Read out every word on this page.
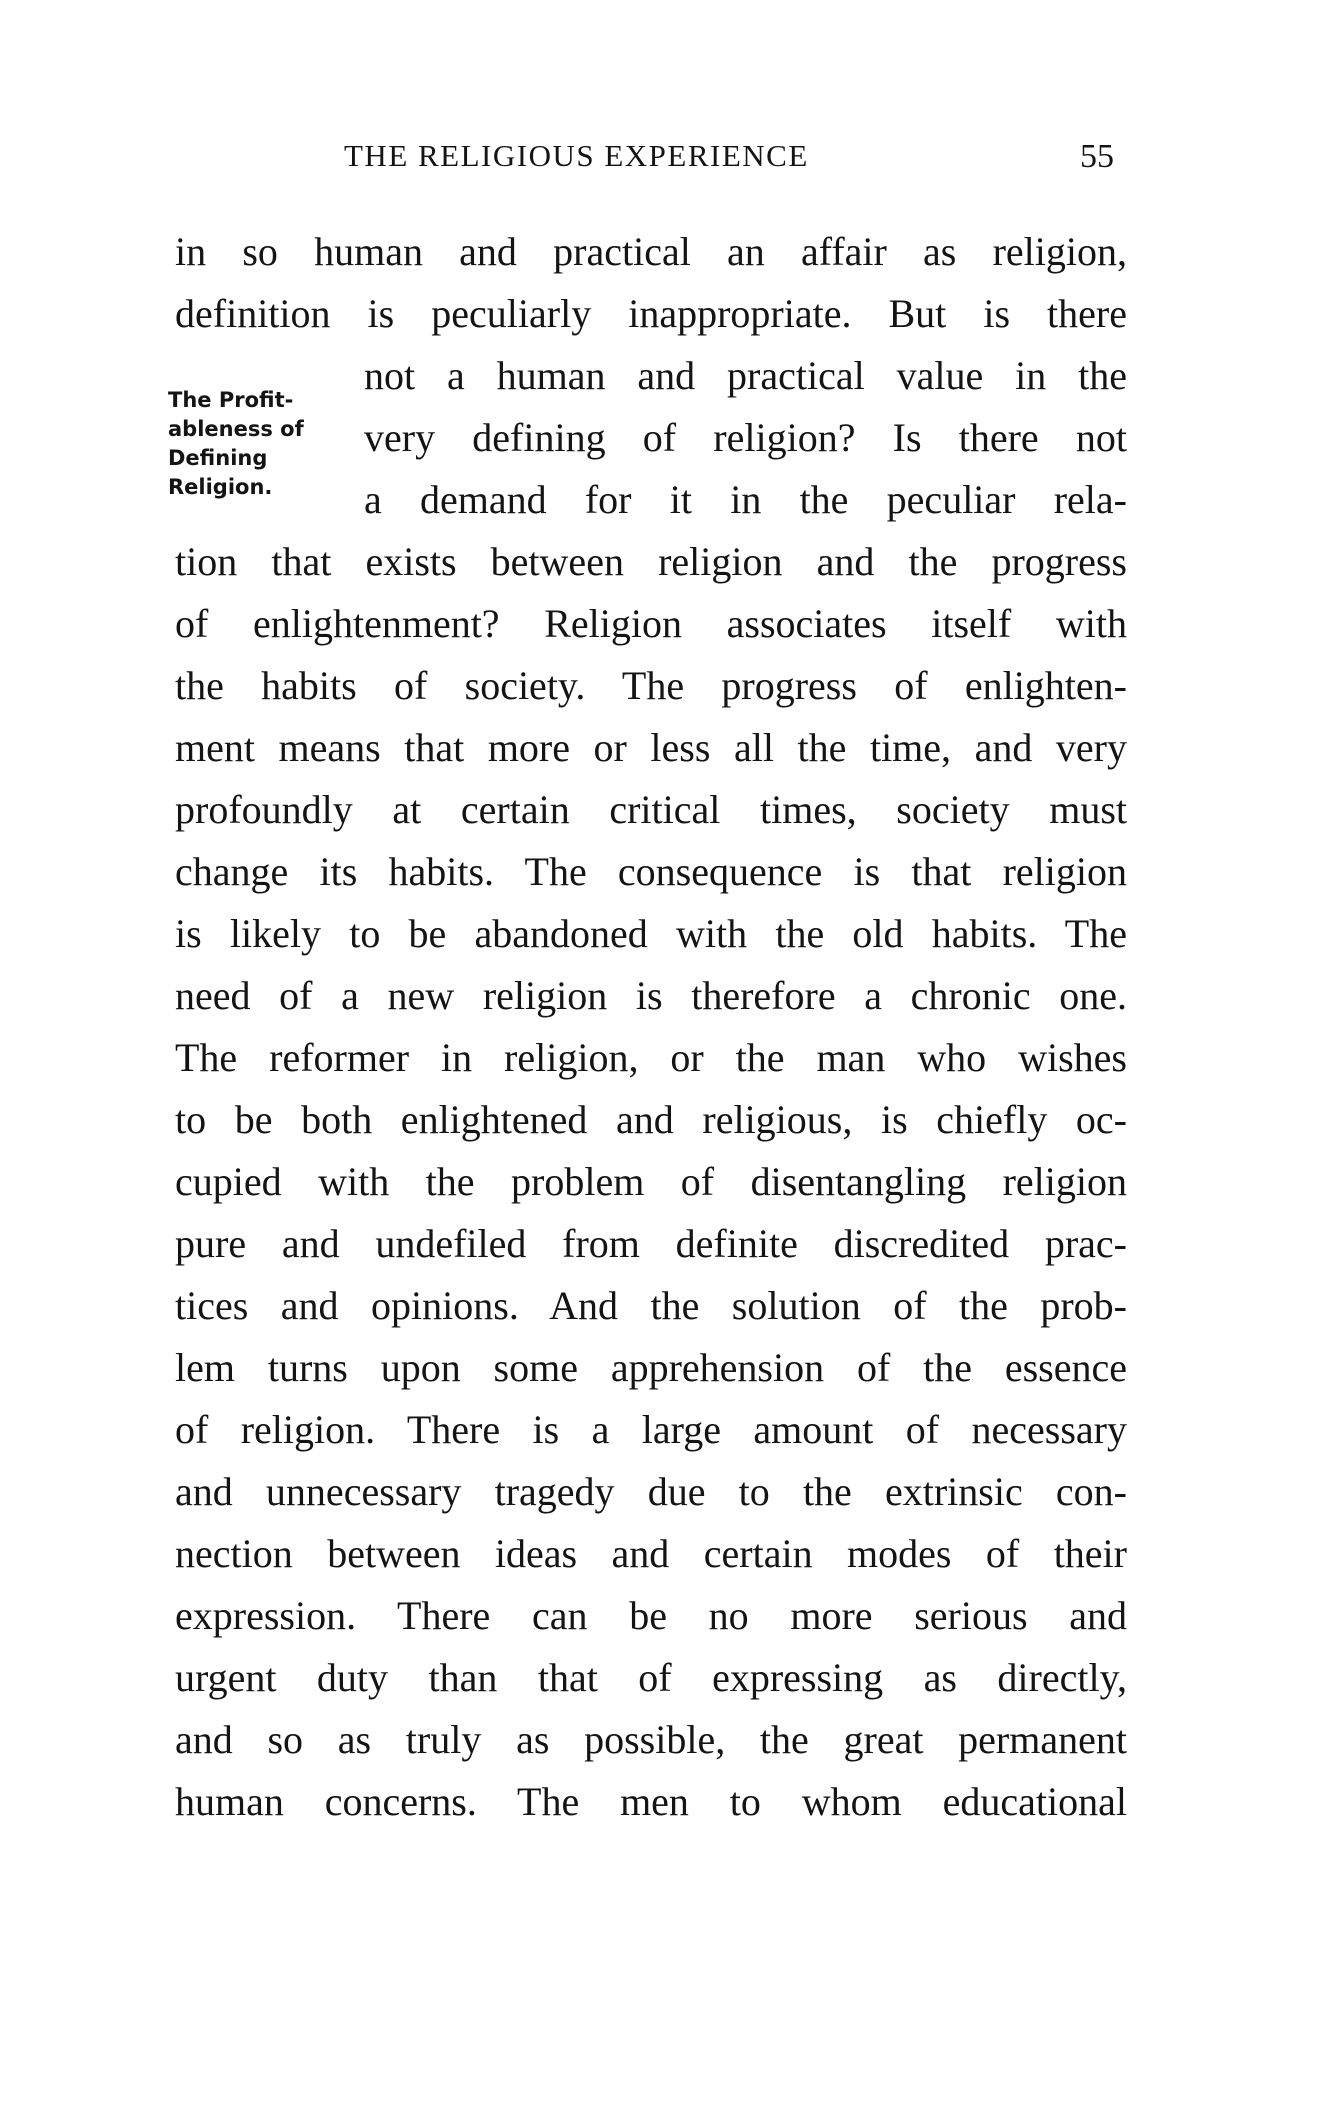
THE RELIGIOUS EXPERIENCE	55
The Profit-
ableness of
Defining
Religion.
in so human and practical an affair as religion,
definition is peculiarly inappropriate. But is there
not a human and practical value in the
very defining of religion? Is there not
a demand for it in the peculiar rela-
tion that exists between religion and the progress
of enlightenment? Religion associates itself with
the habits of society. The progress of enlighten-
ment means that more or less all the time, and very
profoundly at certain critical times, society must
change its habits. The consequence is that religion
is likely to be abandoned with the old habits. The
need of a new religion is therefore a chronic one.
The reformer in religion, or the man who wishes
to be both enlightened and religious, is chiefly oc-
cupied with the problem of disentangling religion
pure and undefiled from definite discredited prac-
tices and opinions. And the solution of the prob-
lem turns upon some apprehension of the essence
of religion. There is a large amount of necessary
and unnecessary tragedy due to the extrinsic con-
nection between ideas and certain modes of their
expression. There can be no more serious and
urgent duty than that of expressing as directly,
and so as truly as possible, the great permanent
human concerns. The men to whom educational
